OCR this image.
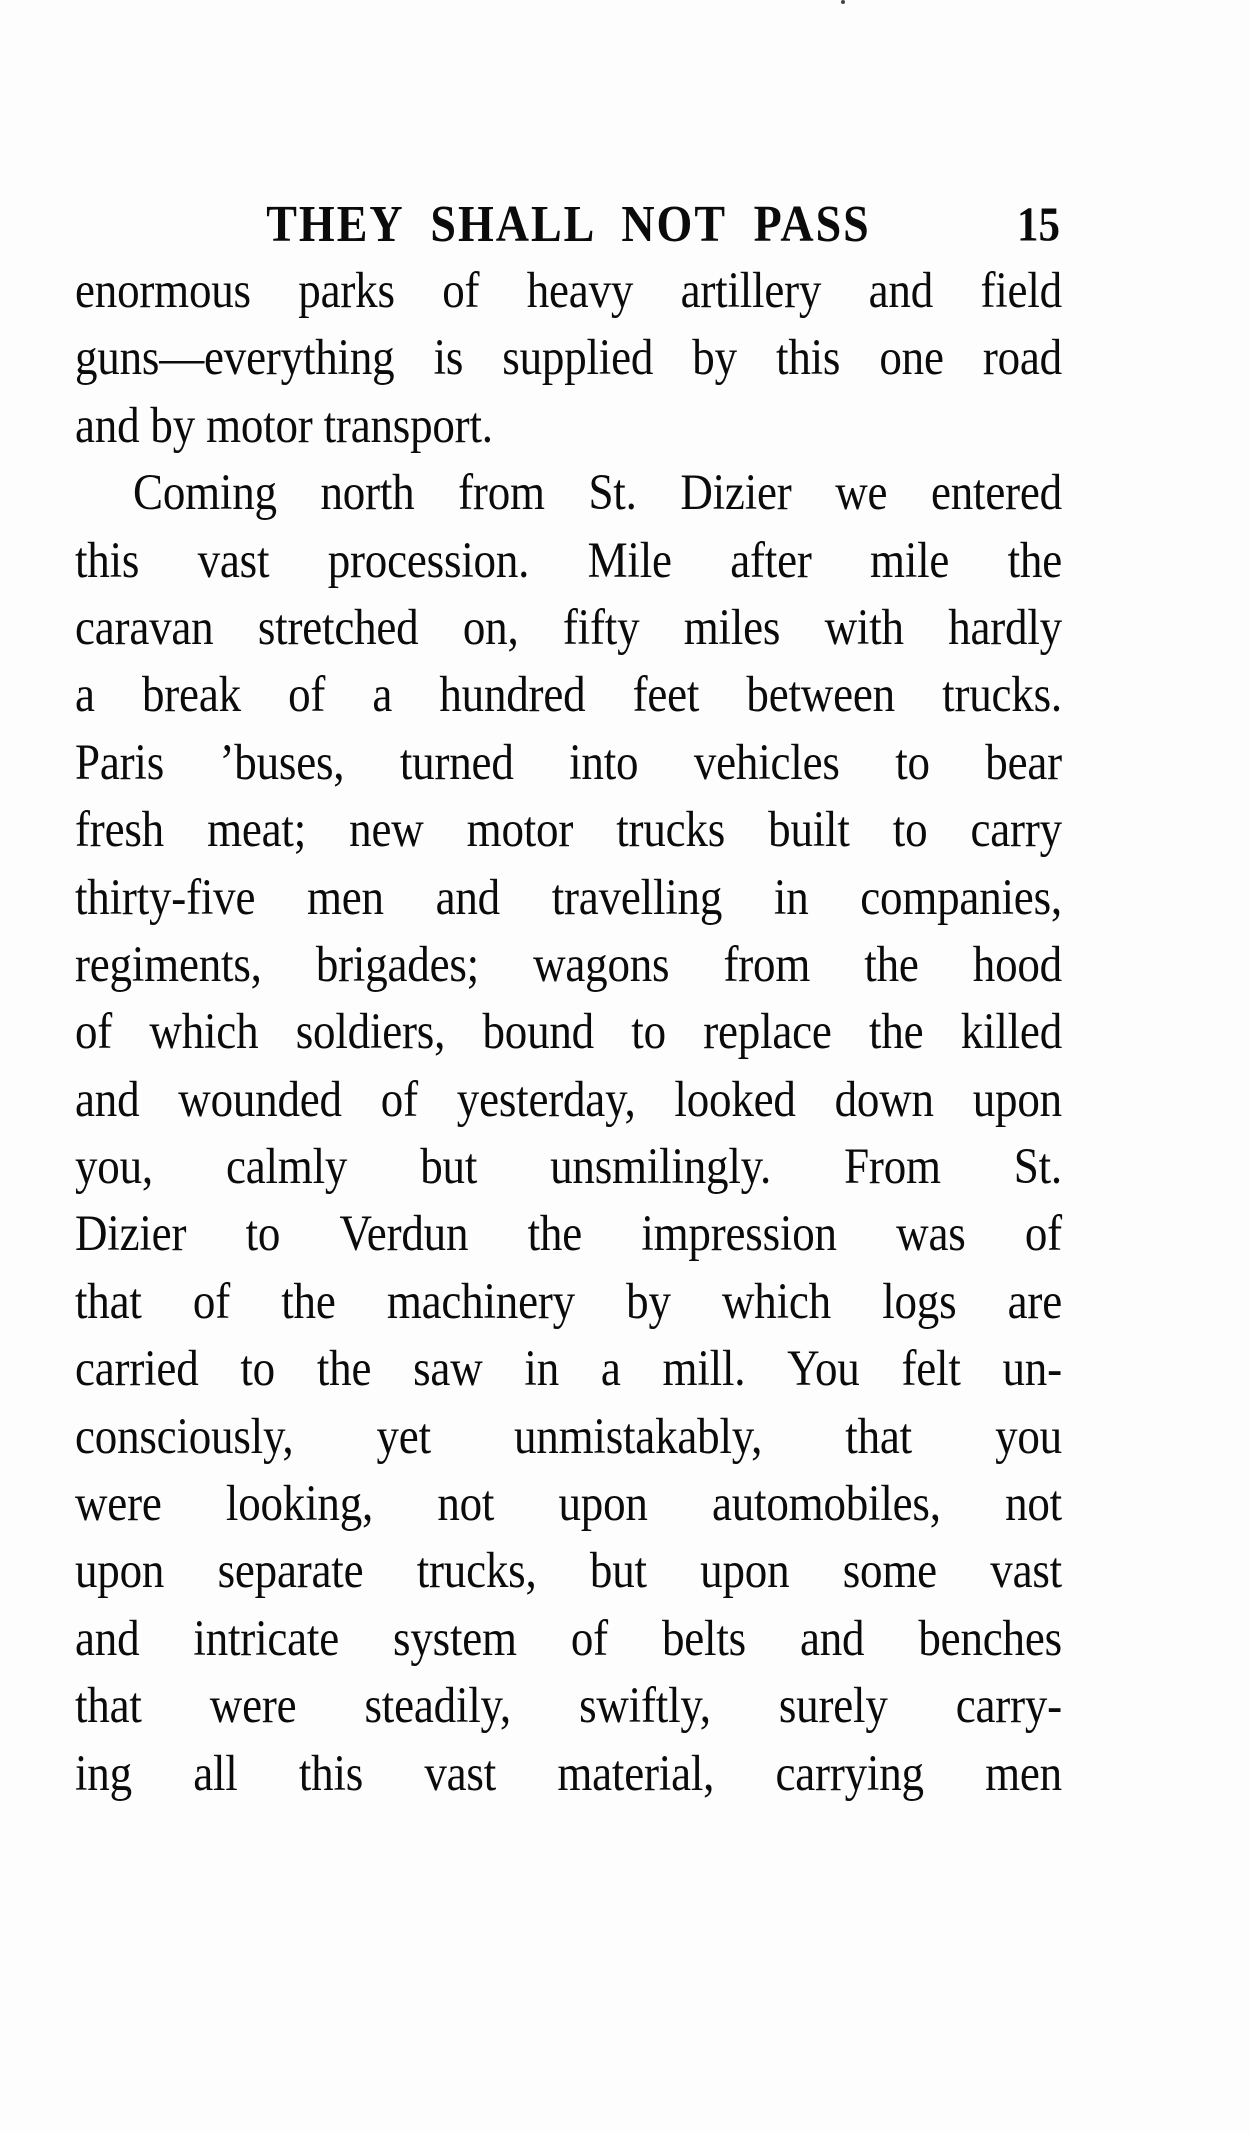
THEY SHALL NOT PASS	15
enormous parks of heavy artillery and field
guns—everything is supplied by this one road
and by motor transport.
Coming north from St. Dizier we entered
this vast procession. Mile after mile the
caravan stretched on, fifty miles with hardly
a break of a hundred feet between trucks.
Paris ’buses, turned into vehicles to bear
fresh meat; new motor trucks built to carry
thirty-five men and travelling in companies,
regiments, brigades; wagons from the hood
of which soldiers, bound to replace the killed
and wounded of yesterday, looked down upon
you, calmly but unsmilingly. From St.
Dizier to Verdun the impression was of
that of the machinery by which logs are
carried to the saw in a mill. You felt un-
consciously, yet unmistakably, that you
were looking, not upon automobiles, not
upon separate trucks, but upon some vast
and intricate system of belts and benches
that were steadily, swiftly, surely carry-
ing all this vast material, carrying men
